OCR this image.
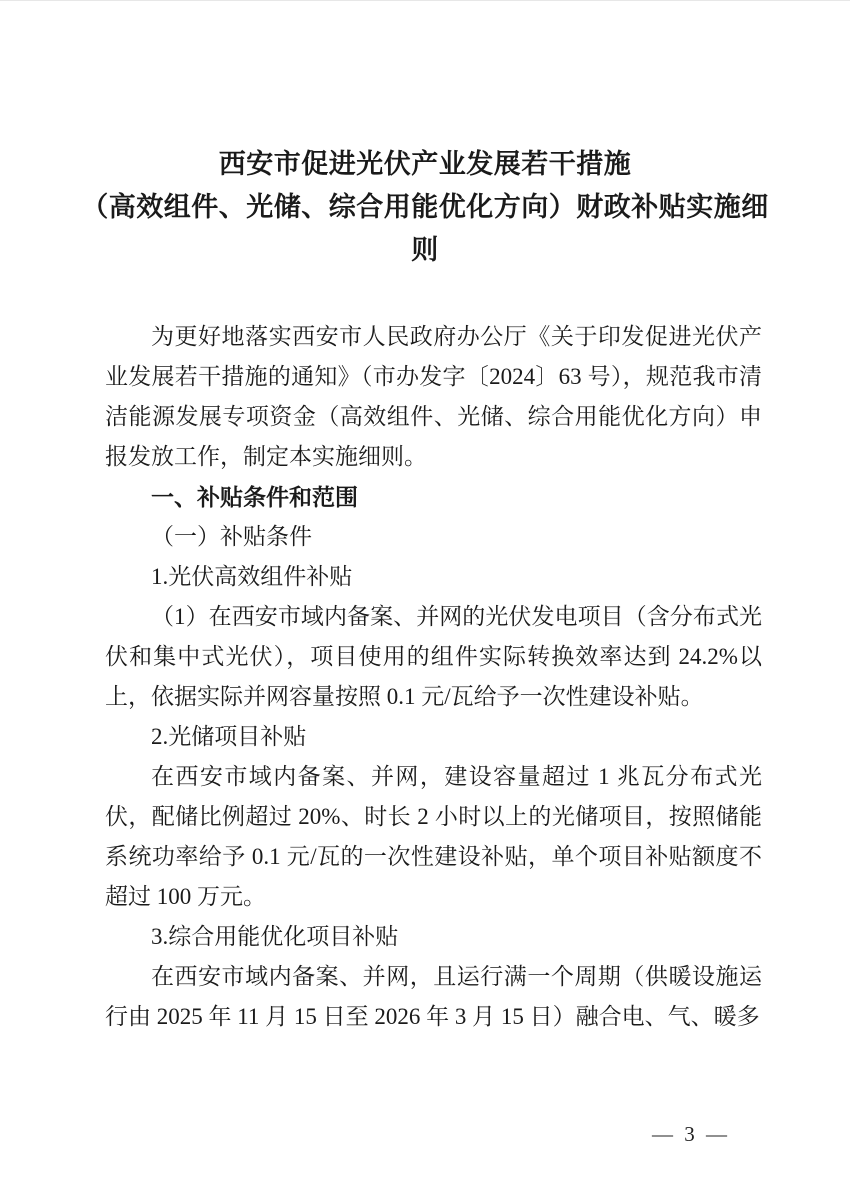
西安市促进光伏产业发展若干措施
（高效组件、光储、综合用能优化方向）财政补贴实施细
则

为更好地落实西安市人民政府办公厅《关于印发促进光伏产业发展若干措施的通知》（市办发字〔2024〕63 号），规范我市清洁能源发展专项资金（高效组件、光储、综合用能优化方向）申报发放工作，制定本实施细则。

一、补贴条件和范围

（一）补贴条件

1.光伏高效组件补贴

（1）在西安市域内备案、并网的光伏发电项目（含分布式光伏和集中式光伏），项目使用的组件实际转换效率达到 24.2%以上，依据实际并网容量按照 0.1 元/瓦给予一次性建设补贴。

2.光储项目补贴

在西安市域内备案、并网，建设容量超过 1 兆瓦分布式光伏，配储比例超过 20%、时长 2 小时以上的光储项目，按照储能系统功率给予 0.1 元/瓦的一次性建设补贴，单个项目补贴额度不超过 100 万元。

3.综合用能优化项目补贴

在西安市域内备案、并网，且运行满一个周期（供暖设施运行由 2025 年 11 月 15 日至 2026 年 3 月 15 日）融合电、气、暖多

— 3 —
